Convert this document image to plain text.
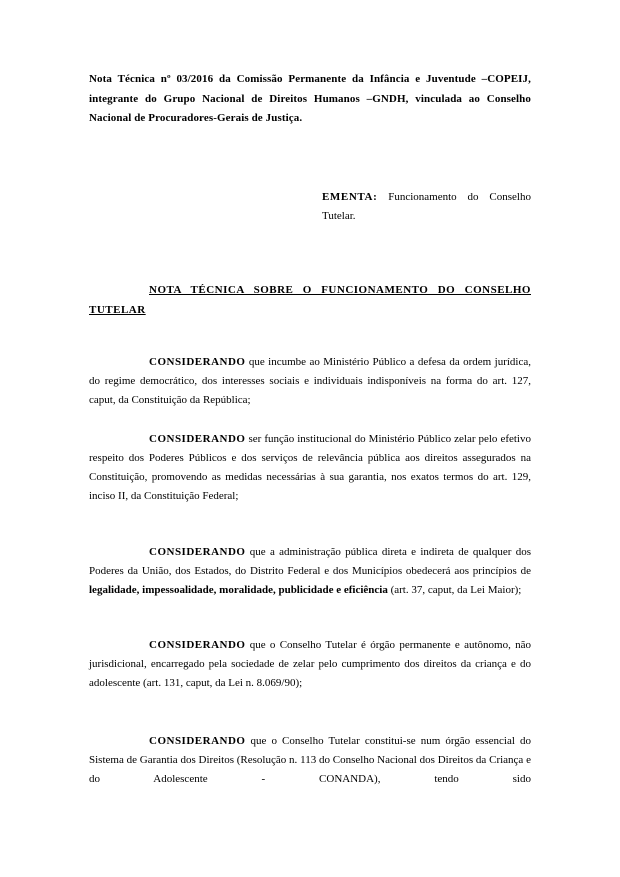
Nota Técnica nº 03/2016 da Comissão Permanente da Infância e Juventude –COPEIJ, integrante do Grupo Nacional de Direitos Humanos –GNDH, vinculada ao Conselho Nacional de Procuradores-Gerais de Justiça.
EMENTA: Funcionamento do Conselho Tutelar.
NOTA TÉCNICA SOBRE O FUNCIONAMENTO DO CONSELHO TUTELAR
CONSIDERANDO que incumbe ao Ministério Público a defesa da ordem jurídica, do regime democrático, dos interesses sociais e individuais indisponíveis na forma do art. 127, caput, da Constituição da República;
CONSIDERANDO ser função institucional do Ministério Público zelar pelo efetivo respeito dos Poderes Públicos e dos serviços de relevância pública aos direitos assegurados na Constituição, promovendo as medidas necessárias à sua garantia, nos exatos termos do art. 129, inciso II, da Constituição Federal;
CONSIDERANDO que a administração pública direta e indireta de qualquer dos Poderes da União, dos Estados, do Distrito Federal e dos Municípios obedecerá aos princípios de legalidade, impessoalidade, moralidade, publicidade e eficiência (art. 37, caput, da Lei Maior);
CONSIDERANDO que o Conselho Tutelar é órgão permanente e autônomo, não jurisdicional, encarregado pela sociedade de zelar pelo cumprimento dos direitos da criança e do adolescente (art. 131, caput, da Lei n. 8.069/90);
CONSIDERANDO que o Conselho Tutelar constitui-se num órgão essencial do Sistema de Garantia dos Direitos (Resolução n. 113 do Conselho Nacional dos Direitos da Criança e do Adolescente - CONANDA), tendo sido
